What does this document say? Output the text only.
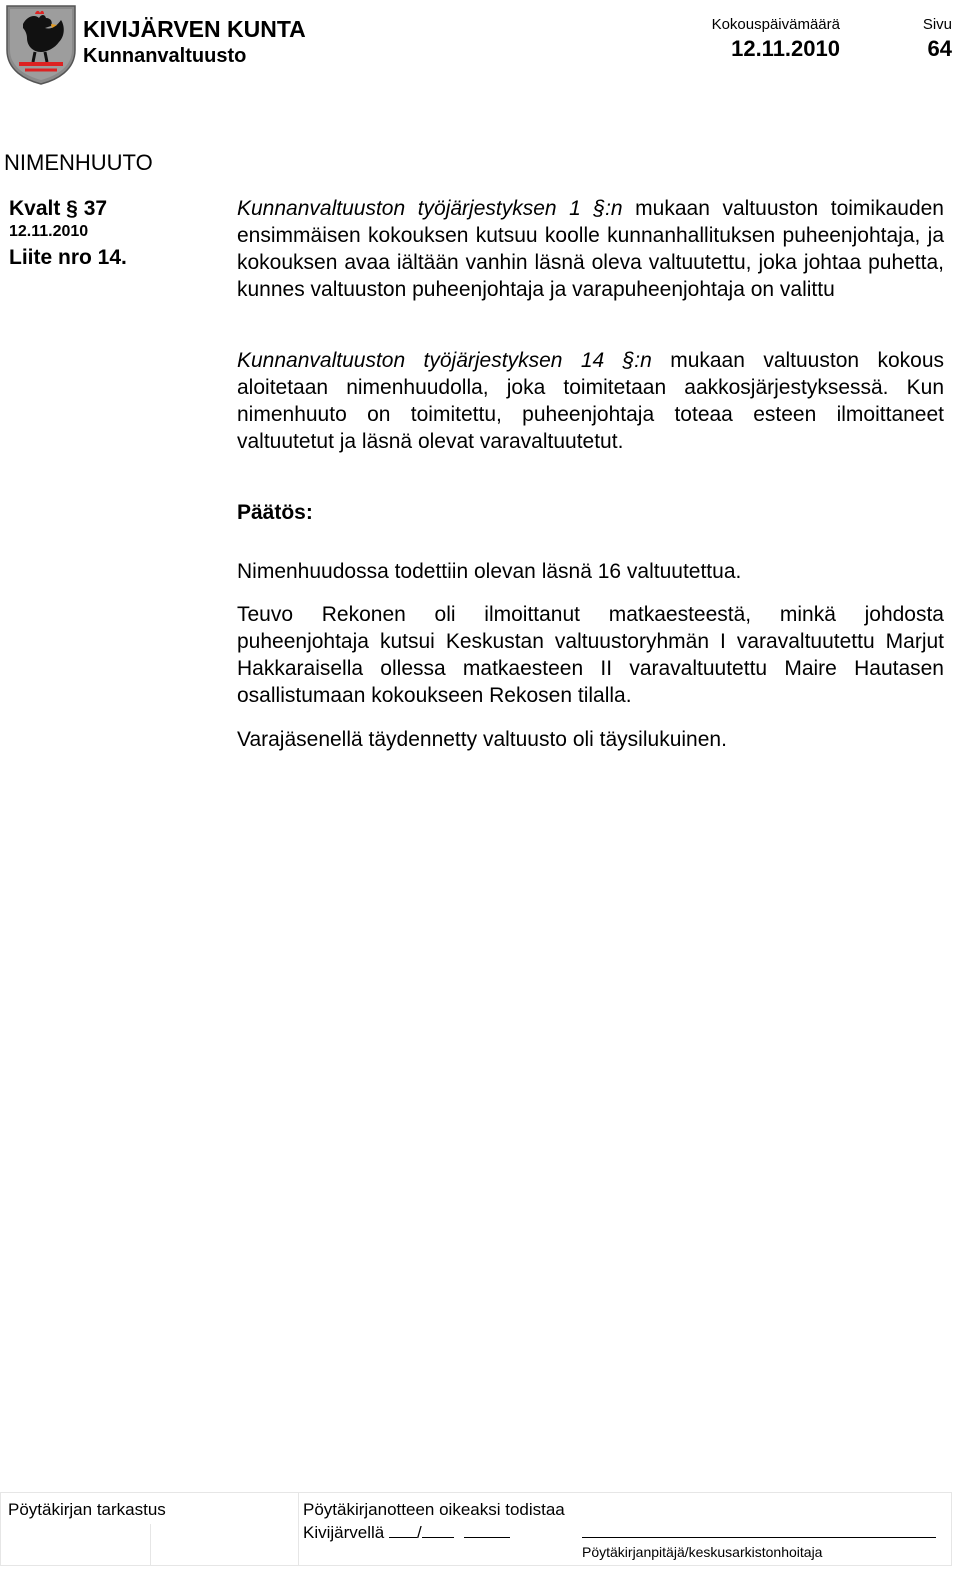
KIVIJÄRVEN KUNTA
Kunnanvaltuusto
Kokouspäivämäärä
12.11.2010
Sivu
64
NIMENHUUTO
Kvalt § 37
12.11.2010
Liite nro 14.

Kunnanvaltuuston työjärjestyksen 1 §:n mukaan valtuuston toimikauden ensimmäisen kokouksen kutsuu koolle kunnanhallituksen puheenjohtaja, ja kokouksen avaa iältään vanhin läsnä oleva valtuutettu, joka johtaa puhetta, kunnes valtuuston puheenjohtaja ja varapuheenjohtaja on valittu

Kunnanvaltuuston työjärjestyksen 14 §:n mukaan valtuuston kokous aloitetaan nimenhuudolla, joka toimitetaan aakkosjärjestyksessä. Kun nimenhuuto on toimitettu, puheenjohtaja toteaa esteen ilmoittaneet valtuutetut ja läsnä olevat varavaltuutetut.

Päätös:

Nimenhuudossa todettiin olevan läsnä 16 valtuutettua.

Teuvo Rekonen oli ilmoittanut matkaesteestä, minkä johdosta puheenjohtaja kutsui Keskustan valtuustoryhmän I varavaltuutettu Marjut Hakkaraisella ollessa matkaesteen II varavaltuutettu Maire Hautasen osallistumaan kokoukseen Rekosen tilalla.

Varajäsenellä täydennetty valtuusto oli täysilukuinen.

Pöytäkirjan tarkastus	Pöytäkirjanotteen oikeaksi todistaa
Kivijärvellä /
Pöytäkirjanpitäjä/keskusarkistonhoitaja
